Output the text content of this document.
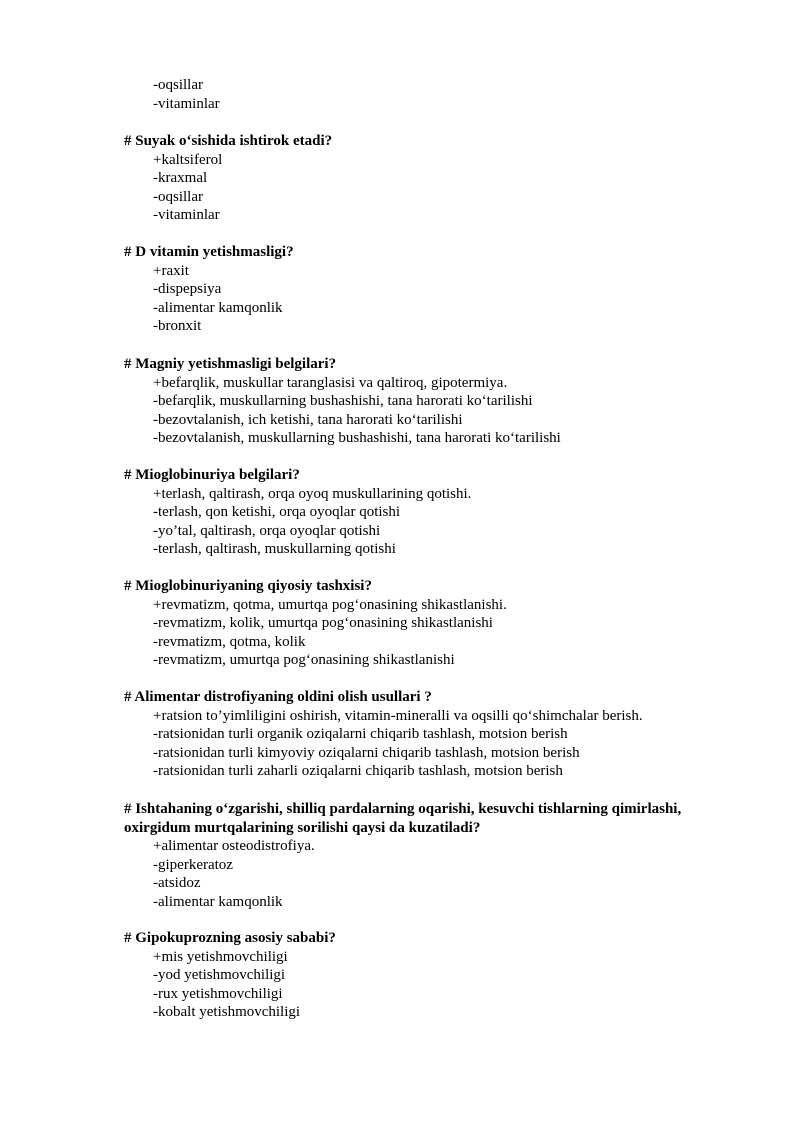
-oqsillar
-vitaminlar

# Suyak o‘sishida ishtirok etadi?

+kaltsiferol
-kraxmal
-oqsillar
-vitaminlar

# D vitamin yetishmasligi?

+raxit
-dispepsiya
-alimentar kamqonlik
-bronxit

# Magniy yetishmasligi belgilari?

+befarqlik, muskullar taranglasisi va qaltiroq, gipotermiya.
-befarqlik, muskullarning bushashishi, tana harorati ko‘tarilishi
-bezovtalanish, ich ketishi, tana harorati ko‘tarilishi
-bezovtalanish, muskullarning bushashishi, tana harorati ko‘tarilishi

# Mioglobinuriya belgilari?

+terlash, qaltirash, orqa oyoq muskullarining qotishi.
-terlash, qon ketishi, orqa oyoqlar qotishi
-yo’tal, qaltirash, orqa oyoqlar qotishi
-terlash, qaltirash, muskullarning qotishi

# Mioglobinuriyaning qiyosiy tashxisi?

+revmatizm, qotma, umurtqa pog‘onasining shikastlanishi.
-revmatizm, kolik, umurtqa pog‘onasining shikastlanishi
-revmatizm, qotma, kolik
-revmatizm, umurtqa pog‘onasining shikastlanishi

# Alimentar distrofiyaning oldini olish usullari ?

+ratsion to’yimliligini oshirish, vitamin-mineralli va oqsilli qo‘shimchalar berish.
-ratsionidan turli organik oziqalarni chiqarib tashlash, motsion berish
-ratsionidan turli kimyoviy oziqalarni chiqarib tashlash, motsion berish
-ratsionidan turli zaharli oziqalarni chiqarib tashlash, motsion berish

# Ishtahaning o‘zgarishi, shilliq pardalarning oqarishi, kesuvchi tishlarning qimirlashi, oxirgidum murtqalarining sorilishi qaysi da kuzatiladi?

+alimentar osteodistrofiya.
-giperkeratoz
-atsidoz
-alimentar kamqonlik

# Gipokuprozning asosiy sababi?

+mis yetishmovchiligi
-yod yetishmovchiligi
-rux yetishmovchiligi
-kobalt yetishmovchiligi
